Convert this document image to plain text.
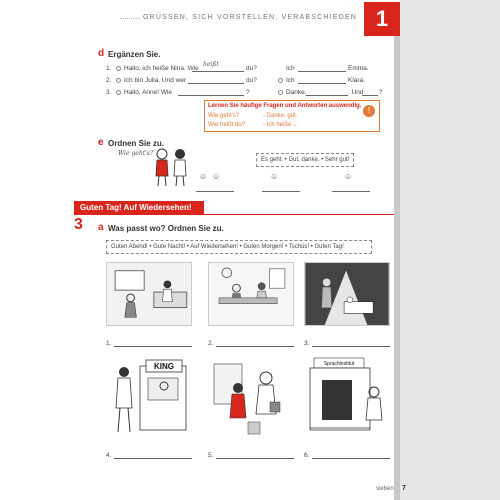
GRÜSSEN, SICH VORSTELLEN, VERABSCHIEDEN 1
d Ergänzen Sie.
1. Hallo, ich heiße Nina. Wie
heißt
du?	Ich	Emma.
2. Ich bin Julia. Und wer	du?	Ich	Klara.
3. Hallo, Anne! Wie	?	Danke,	. Und ?
Lernen Sie häufige Fragen und Antworten auswendig.
Wie geht's?	- Danke, gut.
Wie heißt du?	- Ich heiße ...
!
e Ordnen Sie zu.
Wie geht's?
Es geht. • Gut, danke. • Sehr gut!
☺ ☺	☺	☺
Guten Tag! Auf Wiedersehen!
3 a Was passt wo? Ordnen Sie zu.
Guten Abend! • Gute Nacht! • Auf Wiedersehen! • Guten Morgen! • Tschüs! • Guten Tag!
1.	2.	3.
KING	Sprachinstitut
4.	5.	6.
sieben 7
